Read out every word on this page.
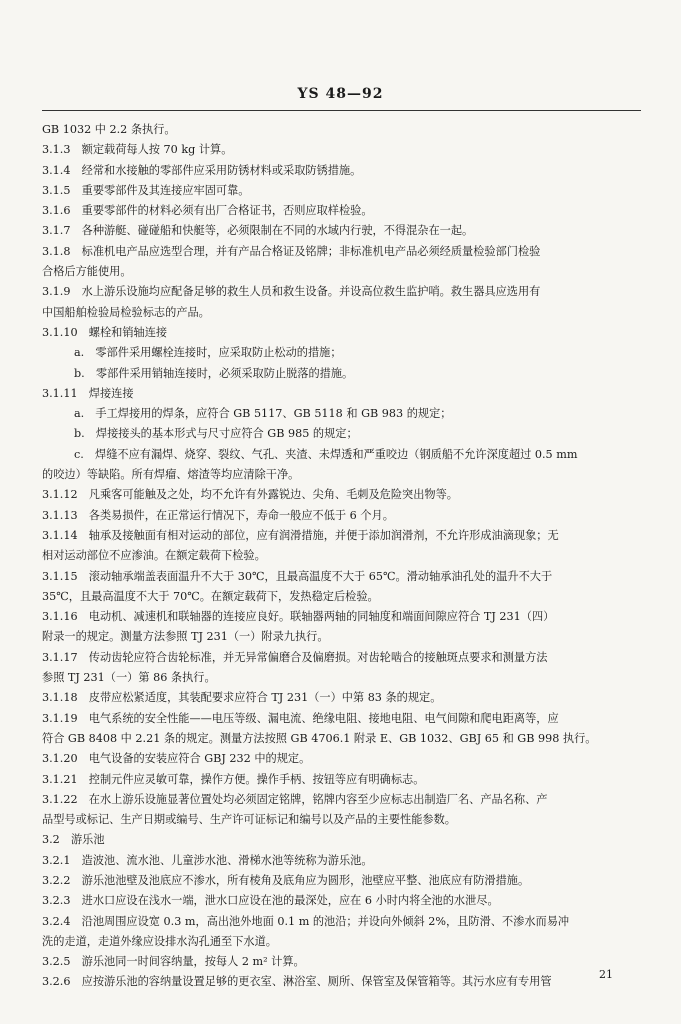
YS 48—92
GB 1032 中 2.2 条执行。
3.1.3  额定载荷每人按 70 kg 计算。
3.1.4  经常和水接触的零部件应采用防锈材料或采取防锈措施。
3.1.5  重要零部件及其连接应牢固可靠。
3.1.6  重要零部件的材料必须有出厂合格证书，否则应取样检验。
3.1.7  各种游艇、碰碰船和快艇等，必须限制在不同的水域内行驶，不得混杂在一起。
3.1.8  标准机电产品应选型合理，并有产品合格证及铭牌；非标准机电产品必须经质量检验部门检验
合格后方能使用。
3.1.9  水上游乐设施均应配备足够的救生人员和救生设备。并设高位救生监护哨。救生器具应选用有
中国船舶检验局检验标志的产品。
3.1.10  螺栓和销轴连接
a.  零部件采用螺栓连接时，应采取防止松动的措施；
b.  零部件采用销轴连接时，必须采取防止脱落的措施。
3.1.11  焊接连接
a.  手工焊接用的焊条，应符合 GB 5117、GB 5118 和 GB 983 的规定；
b.  焊接接头的基本形式与尺寸应符合 GB 985 的规定；
c.  焊缝不应有漏焊、烧穿、裂纹、气孔、夹渣、未焊透和严重咬边（钢质船不允许深度超过 0.5 mm
的咬边）等缺陷。所有焊瘤、熔渣等均应清除干净。
3.1.12  凡乘客可能触及之处，均不允许有外露锐边、尖角、毛刺及危险突出物等。
3.1.13  各类易损件，在正常运行情况下，寿命一般应不低于 6 个月。
3.1.14  轴承及接触面有相对运动的部位，应有润滑措施，并便于添加润滑剂，不允许形成油滴现象；无
相对运动部位不应渗油。在额定载荷下检验。
3.1.15  滚动轴承端盖表面温升不大于 30℃，且最高温度不大于 65℃。滑动轴承油孔处的温升不大于
35℃，且最高温度不大于 70℃。在额定载荷下，发热稳定后检验。
3.1.16  电动机、减速机和联轴器的连接应良好。联轴器两轴的同轴度和端面间隙应符合 TJ 231（四）
附录一的规定。测量方法参照 TJ 231（一）附录九执行。
3.1.17  传动齿轮应符合齿轮标准，并无异常偏磨合及偏磨损。对齿轮啮合的接触斑点要求和测量方法
参照 TJ 231（一）第 86 条执行。
3.1.18  皮带应松紧适度，其装配要求应符合 TJ 231（一）中第 83 条的规定。
3.1.19  电气系统的安全性能——电压等级、漏电流、绝缘电阻、接地电阻、电气间隙和爬电距离等，应
符合 GB 8408 中 2.21 条的规定。测量方法按照 GB 4706.1 附录 E、GB 1032、GBJ 65 和 GB 998 执行。
3.1.20  电气设备的安装应符合 GBJ 232 中的规定。
3.1.21  控制元件应灵敏可靠，操作方便。操作手柄、按钮等应有明确标志。
3.1.22  在水上游乐设施显著位置处均必须固定铭牌，铭牌内容至少应标志出制造厂名、产品名称、产
品型号或标记、生产日期或编号、生产许可证标记和编号以及产品的主要性能参数。
3.2  游乐池
3.2.1  造波池、流水池、儿童涉水池、滑梯水池等统称为游乐池。
3.2.2  游乐池池壁及池底应不渗水，所有棱角及底角应为圆形，池壁应平整、池底应有防滑措施。
3.2.3  进水口应设在浅水一端，泄水口应设在池的最深处，应在 6 小时内将全池的水泄尽。
3.2.4  沿池周围应设宽 0.3 m，高出池外地面 0.1 m 的池沿；并设向外倾斜 2%，且防滑、不渗水而易冲
洗的走道，走道外缘应设排水沟孔通至下水道。
3.2.5  游乐池同一时间容纳量，按每人 2 m² 计算。
3.2.6  应按游乐池的容纳量设置足够的更衣室、淋浴室、厕所、保管室及保管箱等。其污水应有专用管
21
